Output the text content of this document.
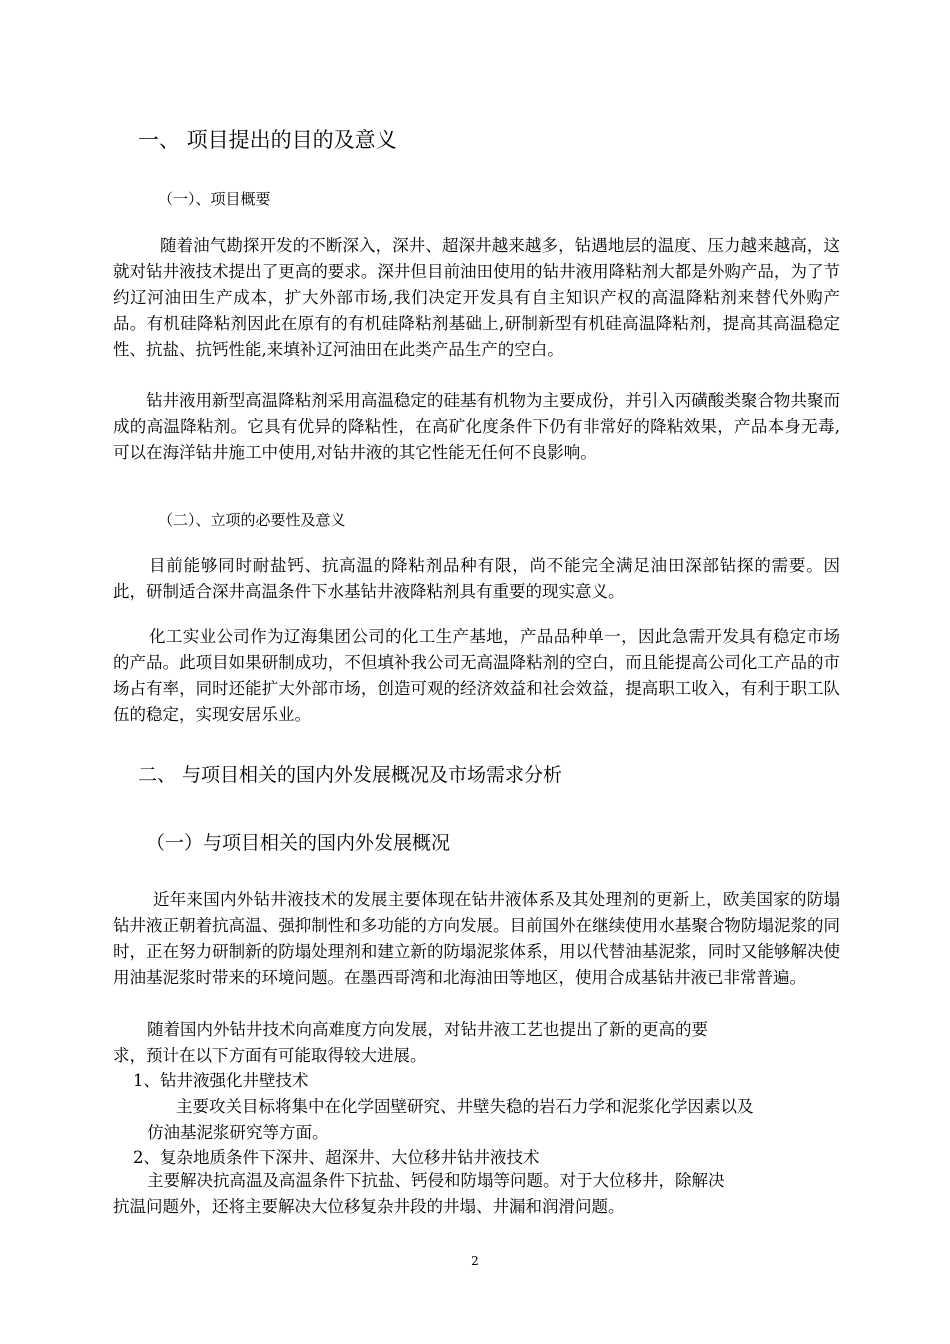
一、 项目提出的目的及意义
（一）、项目概要

随着油气勘探开发的不断深入，深井、超深井越来越多，钻遇地层的温度、压力越来越高，这就对钻井液技术提出了更高的要求。深井但目前油田使用的钻井液用降粘剂大都是外购产品，为了节约辽河油田生产成本，扩大外部市场,我们决定开发具有自主知识产权的高温降粘剂来替代外购产品。有机硅降粘剂因此在原有的有机硅降粘剂基础上,研制新型有机硅高温降粘剂，提高其高温稳定性、抗盐、抗钙性能,来填补辽河油田在此类产品生产的空白。

钻井液用新型高温降粘剂采用高温稳定的硅基有机物为主要成份，并引入丙磺酸类聚合物共聚而成的高温降粘剂。它具有优异的降粘性，在高矿化度条件下仍有非常好的降粘效果，产品本身无毒,可以在海洋钻井施工中使用,对钻井液的其它性能无任何不良影响。

（二）、立项的必要性及意义

目前能够同时耐盐钙、抗高温的降粘剂品种有限，尚不能完全满足油田深部钻探的需要。因此，研制适合深井高温条件下水基钻井液降粘剂具有重要的现实意义。

化工实业公司作为辽海集团公司的化工生产基地，产品品种单一，因此急需开发具有稳定市场的产品。此项目如果研制成功，不但填补我公司无高温降粘剂的空白，而且能提高公司化工产品的市场占有率，同时还能扩大外部市场，创造可观的经济效益和社会效益，提高职工收入，有利于职工队伍的稳定，实现安居乐业。

二、 与项目相关的国内外发展概况及市场需求分析
（一）与项目相关的国内外发展概况

近年来国内外钻井液技术的发展主要体现在钻井液体系及其处理剂的更新上，欧美国家的防塌钻井液正朝着抗高温、强抑制性和多功能的方向发展。目前国外在继续使用水基聚合物防塌泥浆的同时，正在努力研制新的防塌处理剂和建立新的防塌泥浆体系，用以代替油基泥浆，同时又能够解决使用油基泥浆时带来的环境问题。在墨西哥湾和北海油田等地区，使用合成基钻井液已非常普遍。

随着国内外钻井技术向高难度方向发展，对钻井液工艺也提出了新的更高的要
求，预计在以下方面有可能取得较大进展。
1、钻井液强化井壁技术
主要攻关目标将集中在化学固壁研究、井壁失稳的岩石力学和泥浆化学因素以及
仿油基泥浆研究等方面。
2、复杂地质条件下深井、超深井、大位移井钻井液技术
主要解决抗高温及高温条件下抗盐、钙侵和防塌等问题。对于大位移井，除解决
抗温问题外，还将主要解决大位移复杂井段的井塌、井漏和润滑问题。
2
